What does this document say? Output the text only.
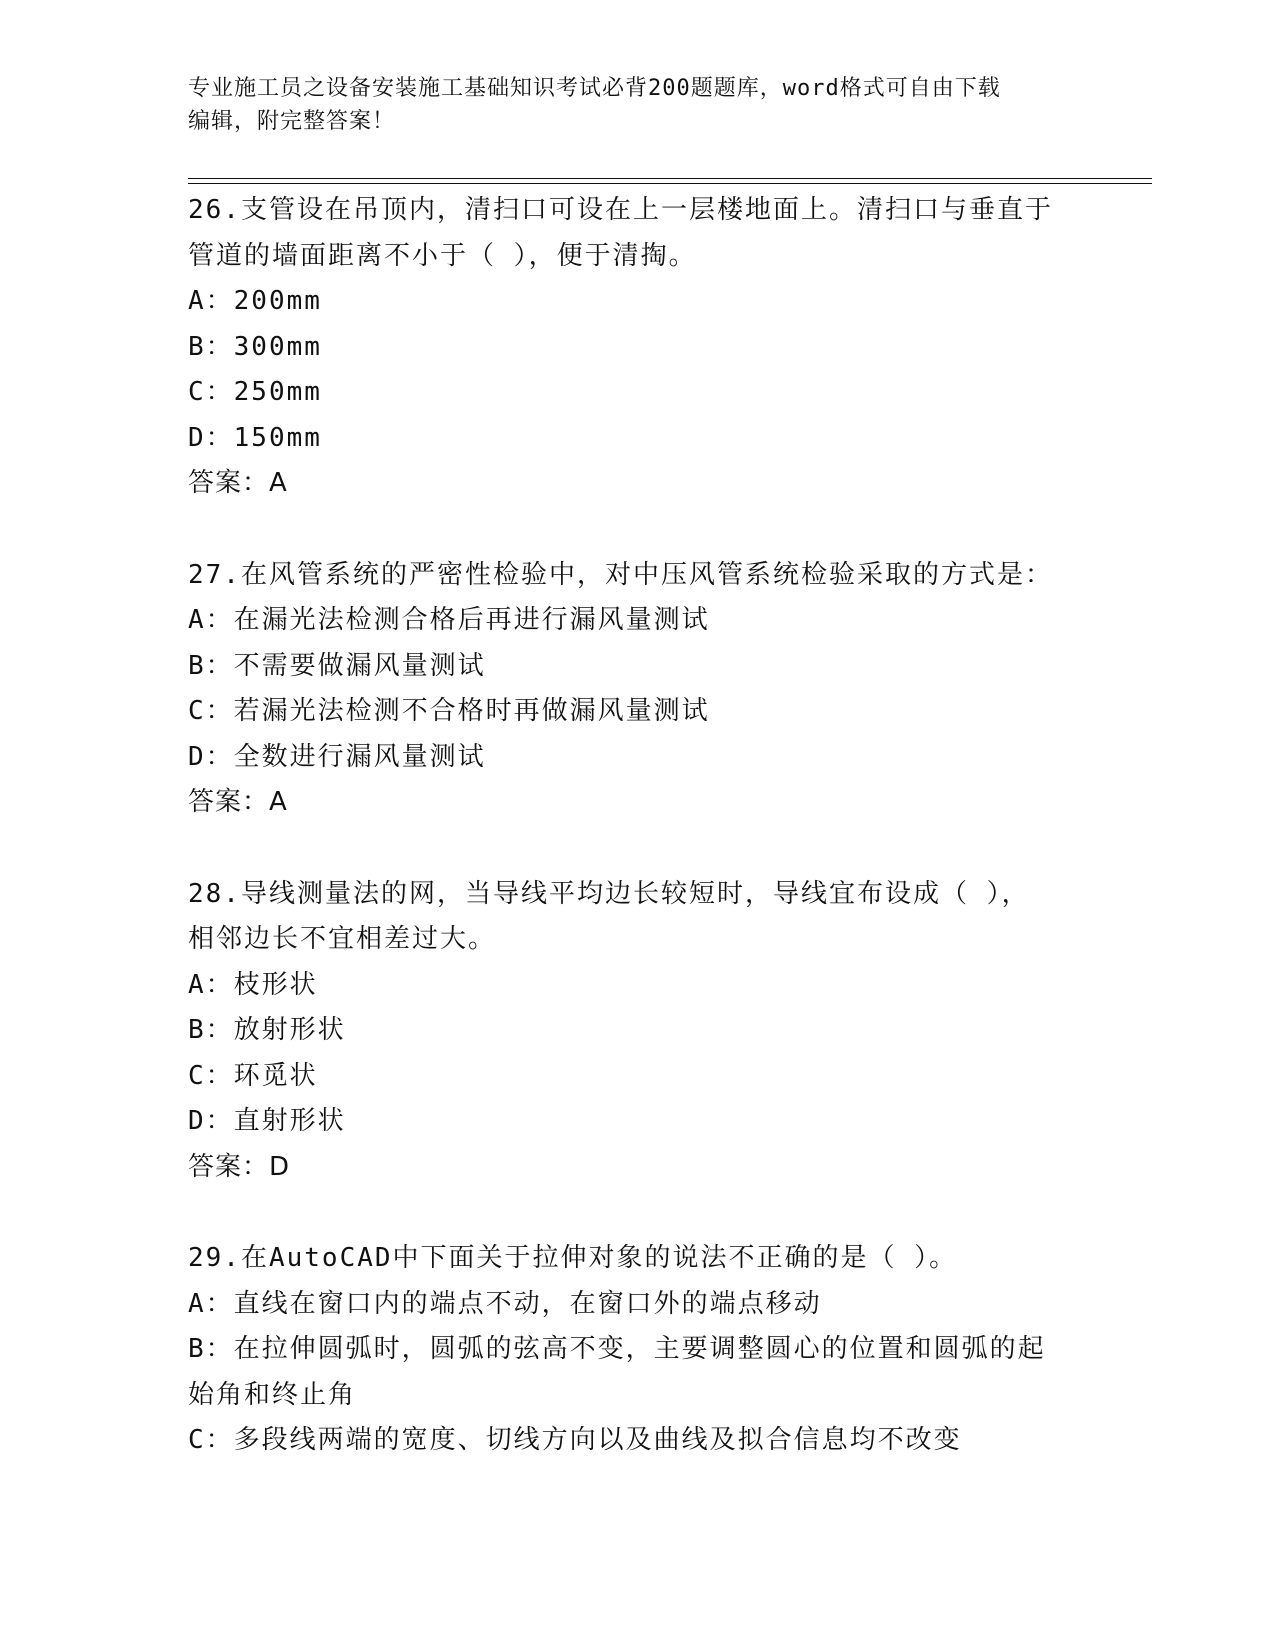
专业施工员之设备安装施工基础知识考试必背200题题库，word格式可自由下载
编辑，附完整答案！
26.支管设在吊顶内，清扫口可设在上一层楼地面上。清扫口与垂直于
管道的墙面距离不小于（ ），便于清掏。
A：200mm
B：300mm
C：250mm
D：150mm
答案：A
27.在风管系统的严密性检验中，对中压风管系统检验采取的方式是：
A：在漏光法检测合格后再进行漏风量测试
B：不需要做漏风量测试
C：若漏光法检测不合格时再做漏风量测试
D：全数进行漏风量测试
答案：A
28.导线测量法的网，当导线平均边长较短时，导线宜布设成（ ），
相邻边长不宜相差过大。
A：枝形状
B：放射形状
C：环觅状
D：直射形状
答案：D
29.在AutoCAD中下面关于拉伸对象的说法不正确的是（ ）。
A：直线在窗口内的端点不动，在窗口外的端点移动
B：在拉伸圆弧时，圆弧的弦高不变，主要调整圆心的位置和圆弧的起
始角和终止角
C：多段线两端的宽度、切线方向以及曲线及拟合信息均不改变
